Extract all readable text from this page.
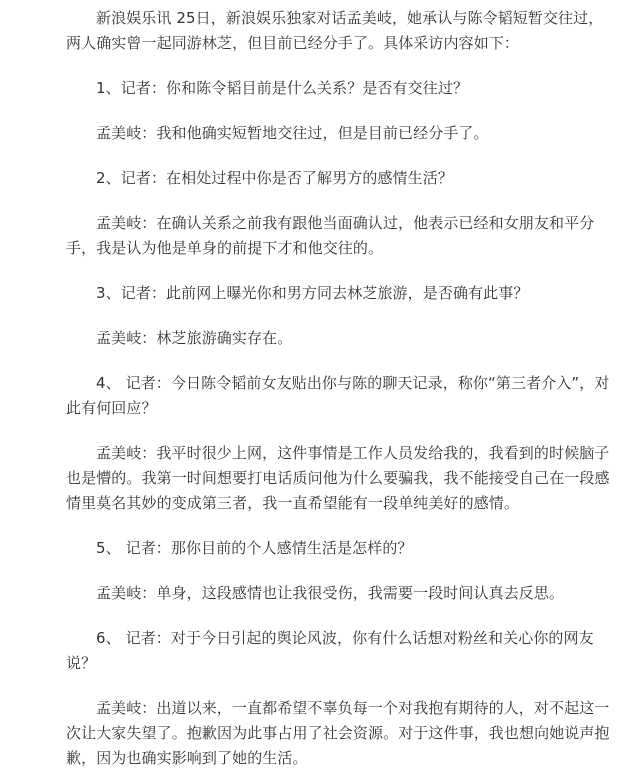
新浪娱乐讯 25日，新浪娱乐独家对话孟美岐，她承认与陈令韬短暂交往过，两人确实曾一起同游林芝，但目前已经分手了。具体采访内容如下：

1、记者：你和陈令韬目前是什么关系？是否有交往过？

孟美岐：我和他确实短暂地交往过，但是目前已经分手了。

2、记者：在相处过程中你是否了解男方的感情生活？

孟美岐：在确认关系之前我有跟他当面确认过，他表示已经和女朋友和平分手，我是认为他是单身的前提下才和他交往的。

3、记者：此前网上曝光你和男方同去林芝旅游，是否确有此事？

孟美岐：林芝旅游确实存在。

4、 记者：今日陈令韬前女友贴出你与陈的聊天记录，称你“第三者介入”，对此有何回应？

孟美岐：我平时很少上网，这件事情是工作人员发给我的，我看到的时候脑子也是懵的。我第一时间想要打电话质问他为什么要骗我，我不能接受自己在一段感情里莫名其妙的变成第三者，我一直希望能有一段单纯美好的感情。

5、 记者：那你目前的个人感情生活是怎样的？

孟美岐：单身，这段感情也让我很受伤，我需要一段时间认真去反思。

6、 记者：对于今日引起的舆论风波，你有什么话想对粉丝和关心你的网友说？

孟美岐：出道以来，一直都希望不辜负每一个对我抱有期待的人，对不起这一次让大家失望了。抱歉因为此事占用了社会资源。对于这件事，我也想向她说声抱歉，因为也确实影响到了她的生活。
